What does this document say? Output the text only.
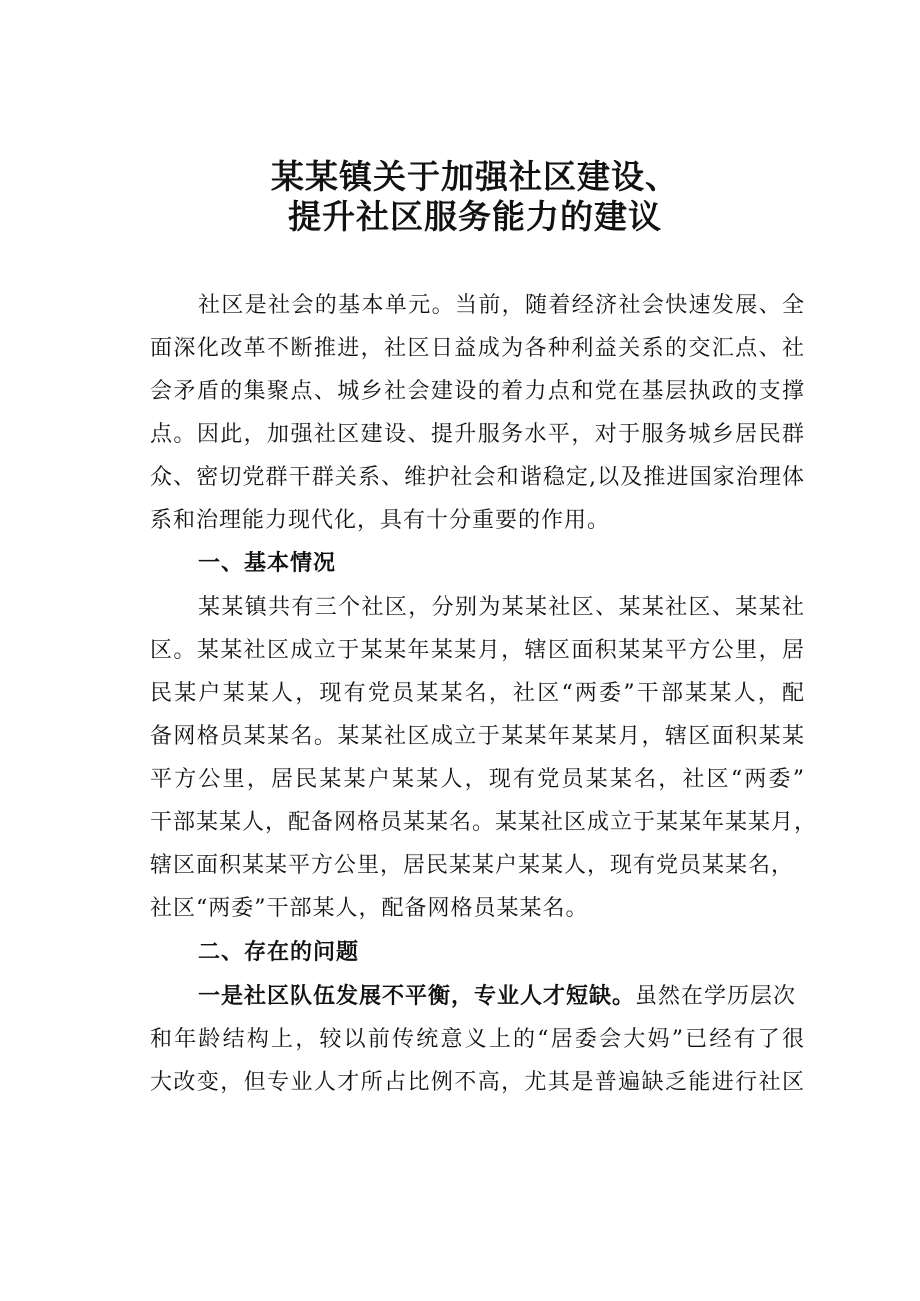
某某镇关于加强社区建设、
提升社区服务能力的建议

社区是社会的基本单元。当前，随着经济社会快速发展、全

面深化改革不断推进，社区日益成为各种利益关系的交汇点、社

会矛盾的集聚点、城乡社会建设的着力点和党在基层执政的支撑

点。因此，加强社区建设、提升服务水平，对于服务城乡居民群

众、密切党群干群关系、维护社会和谐稳定,以及推进国家治理体

系和治理能力现代化，具有十分重要的作用。

一、基本情况

某某镇共有三个社区，分别为某某社区、某某社区、某某社

区。某某社区成立于某某年某某月，辖区面积某某平方公里，居

民某户某某人，现有党员某某名，社区“两委”干部某某人，配

备网格员某某名。某某社区成立于某某年某某月，辖区面积某某

平方公里，居民某某户某某人，现有党员某某名，社区“两委”

干部某某人，配备网格员某某名。某某社区成立于某某年某某月，

辖区面积某某平方公里，居民某某户某某人，现有党员某某名，

社区“两委”干部某人，配备网格员某某名。

二、存在的问题

一是社区队伍发展不平衡，专业人才短缺。虽然在学历层次

和年龄结构上，较以前传统意义上的“居委会大妈”已经有了很

大改变，但专业人才所占比例不高，尤其是普遍缺乏能进行社区
